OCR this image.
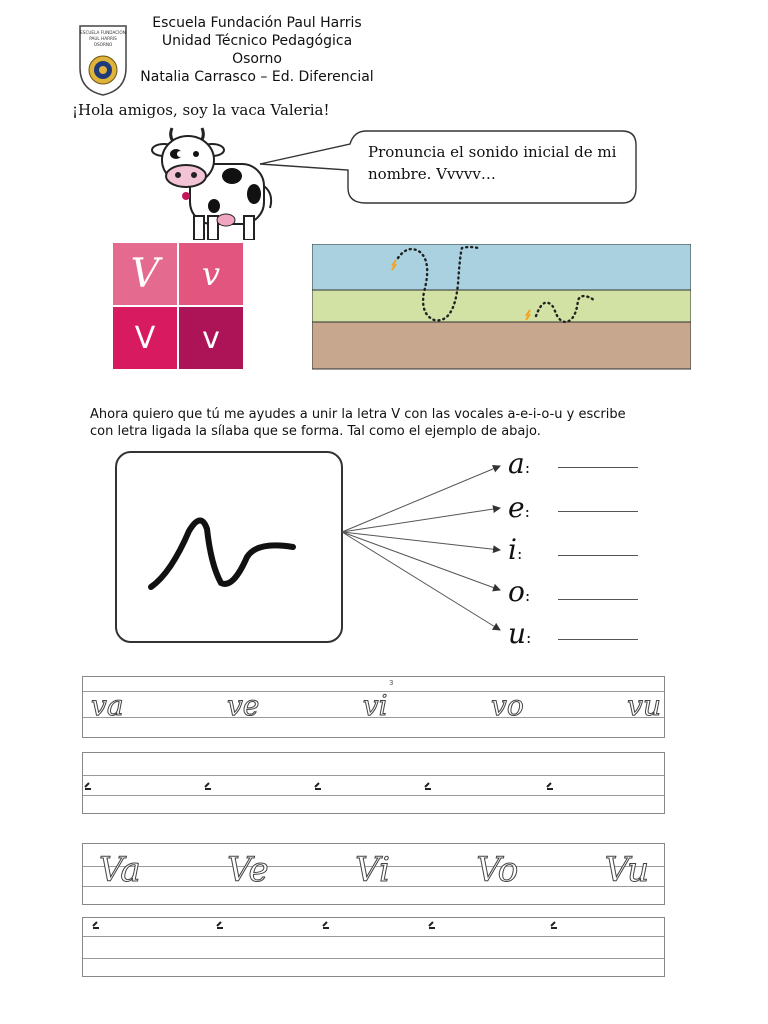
Escuela Fundación Paul Harris
Unidad Técnico Pedagógica
Osorno
Natalia Carrasco – Ed. Diferencial
ESCUELA FUNDACION
PAUL HARRIS
OSORNO
¡Hola amigos, soy la vaca Valeria!
Pronuncia el sonido inicial de mi
nombre. Vvvvv…
V v
V v
Ahora quiero que tú me ayudes a unir la letra V con las vocales a-e-i-o-u y escribe
con letra ligada la sílaba que se forma. Tal como el ejemplo de abajo.
a:
e:
i:
o:
u:
3
va	ve	vi	vo	vu
Va	Ve	Vi	Vo	Vu
